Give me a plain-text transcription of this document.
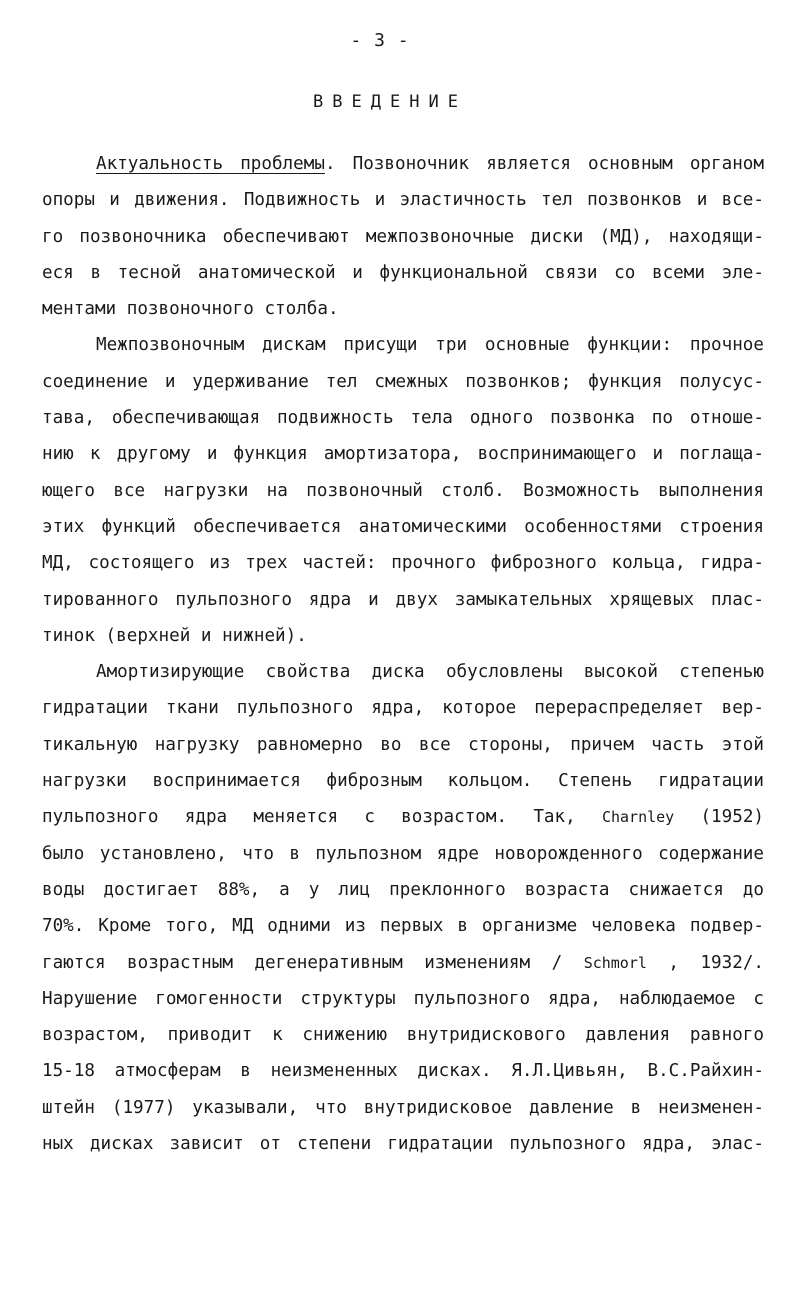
- 3 -
ВВЕДЕНИЕ
Актуальность проблемы. Позвоночник является основным органом
опоры и движения. Подвижность и эластичность тел позвонков и все-
го позвоночника обеспечивают межпозвоночные диски (МД), находящи-
еся в тесной анатомической и функциональной связи со всеми эле-
ментами позвоночного столба.
Межпозвоночным дискам присущи три основные функции: прочное
соединение и удерживание тел смежных позвонков; функция полусус-
тава, обеспечивающая подвижность тела одного позвонка по отноше-
нию к другому и функция амортизатора, воспринимающего и поглаща-
ющего все нагрузки на позвоночный столб. Возможность выполнения
этих функций обеспечивается анатомическими особенностями строения
МД, состоящего из трех частей: прочного фиброзного кольца, гидра-
тированного пульпозного ядра и двух замыкательных хрящевых плас-
тинок (верхней и нижней).
Амортизирующие свойства диска обусловлены высокой степенью
гидратации ткани пульпозного ядра, которое перераспределяет вер-
тикальную нагрузку равномерно во все стороны, причем часть этой
нагрузки воспринимается фиброзным кольцом. Степень гидратации
пульпозного ядра меняется с возрастом. Так, Charnley (1952)
было установлено, что в пульпозном ядре новорожденного содержание
воды достигает 88%, а у лиц преклонного возраста снижается до
70%. Кроме того, МД одними из первых в организме человека подвер-
гаются возрастным дегенеративным изменениям / Schmorl , 1932/.
Нарушение гомогенности структуры пульпозного ядра, наблюдаемое с
возрастом, приводит к снижению внутридискового давления равного
15-18 атмосферам в неизмененных дисках. Я.Л.Цивьян, В.С.Райхин-
штейн (1977) указывали, что внутридисковое давление в неизменен-
ных дисках зависит от степени гидратации пульпозного ядра, элас-
